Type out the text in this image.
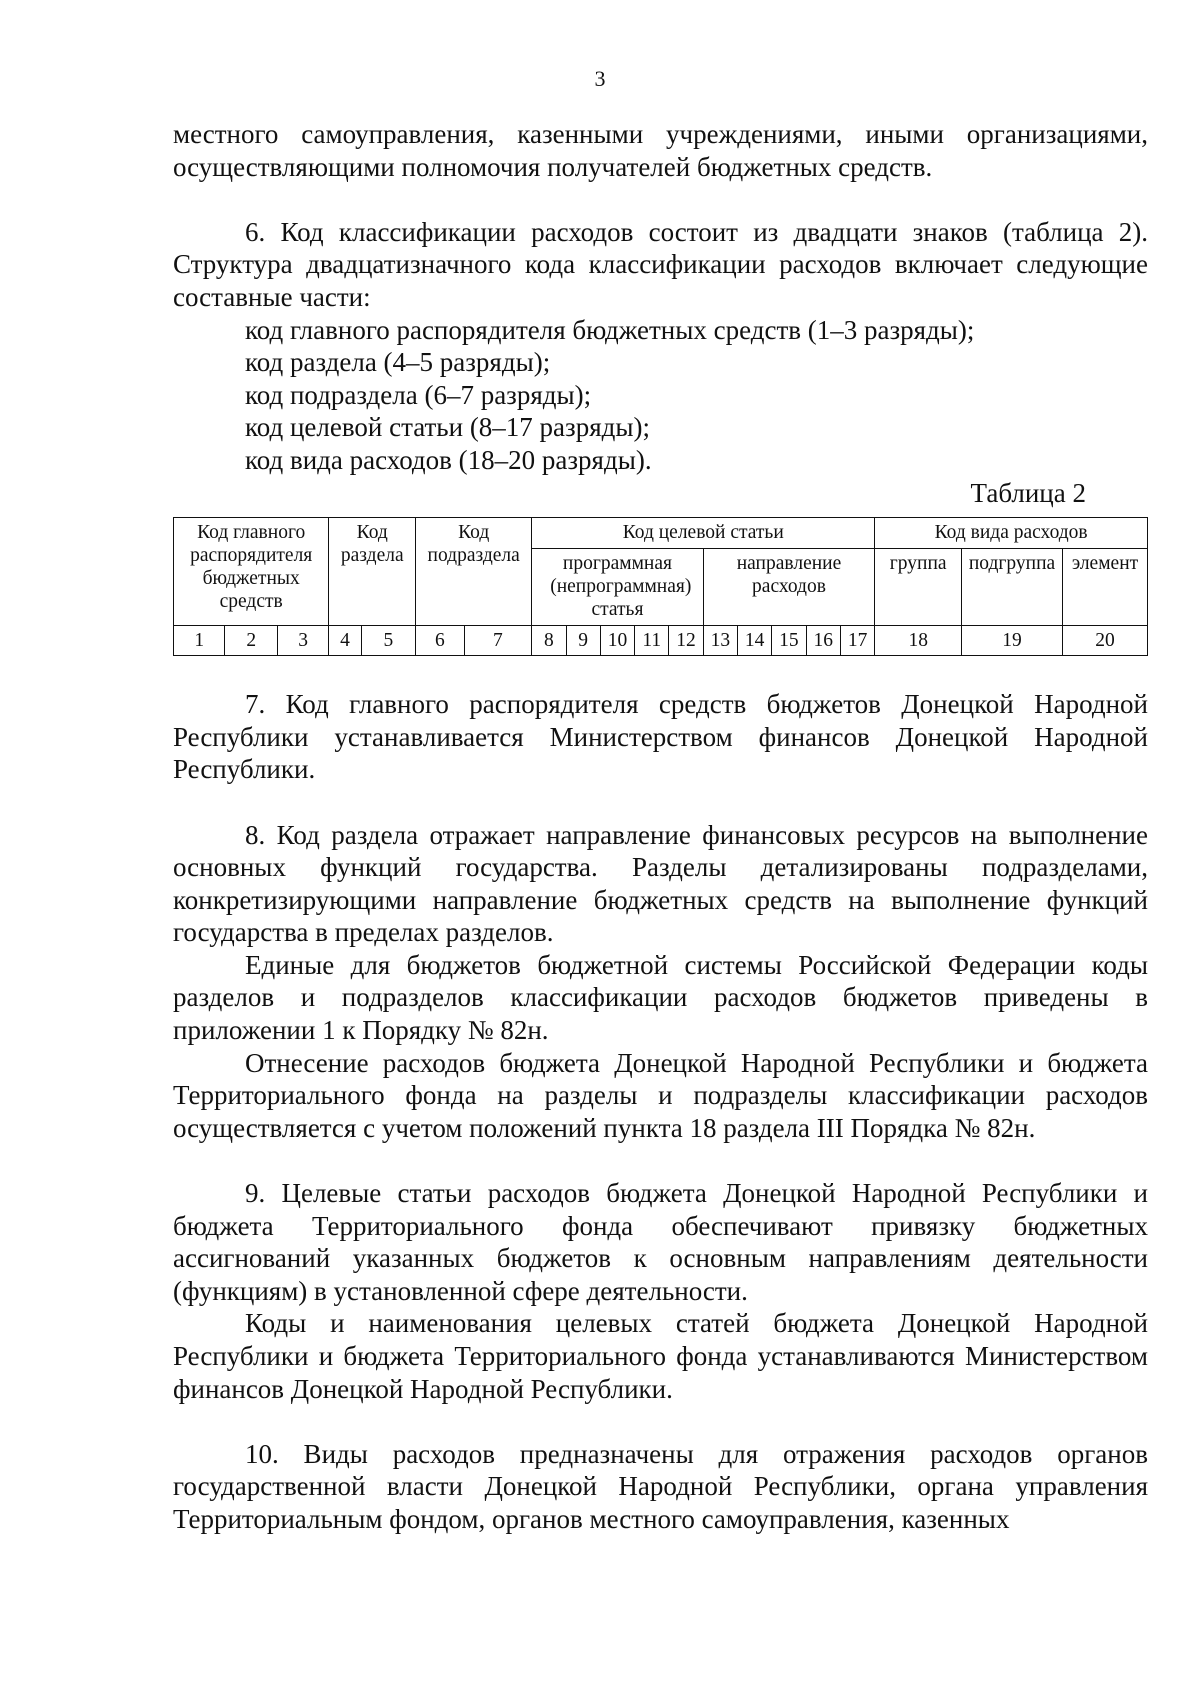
3

местного самоуправления, казенными учреждениями, иными организациями, осуществляющими полномочия получателей бюджетных средств.

6. Код классификации расходов состоит из двадцати знаков (таблица 2). Структура двадцатизначного кода классификации расходов включает следующие составные части:

код главного распорядителя бюджетных средств (1–3 разряды);

код раздела (4–5 разряды);

код подраздела (6–7 разряды);

код целевой статьи (8–17 разряды);

код вида расходов (18–20 разряды).

Таблица 2

Код главного распорядителя бюджетных средств			Код раздела		Код подраздела		Код целевой статьи										Код вида расходов		
							программная (непрограммная) статья					направление расходов					группа	подгруппа	элемент
1	2	3	4	5	6	7	8	9	10	11	12	13	14	15	16	17	18	19	20

7. Код главного распорядителя средств бюджетов Донецкой Народной Республики устанавливается Министерством финансов Донецкой Народной Республики.

8. Код раздела отражает направление финансовых ресурсов на выполнение основных функций государства. Разделы детализированы подразделами, конкретизирующими направление бюджетных средств на выполнение функций государства в пределах разделов.

Единые для бюджетов бюджетной системы Российской Федерации коды разделов и подразделов классификации расходов бюджетов приведены в приложении 1 к Порядку № 82н.

Отнесение расходов бюджета Донецкой Народной Республики и бюджета Территориального фонда на разделы и подразделы классификации расходов осуществляется с учетом положений пункта 18 раздела III Порядка № 82н.

9. Целевые статьи расходов бюджета Донецкой Народной Республики и бюджета Территориального фонда обеспечивают привязку бюджетных ассигнований указанных бюджетов к основным направлениям деятельности (функциям) в установленной сфере деятельности.

Коды и наименования целевых статей бюджета Донецкой Народной Республики и бюджета Территориального фонда устанавливаются Министерством финансов Донецкой Народной Республики.

10. Виды расходов предназначены для отражения расходов органов государственной власти Донецкой Народной Республики, органа управления Территориальным фондом, органов местного самоуправления, казенных
